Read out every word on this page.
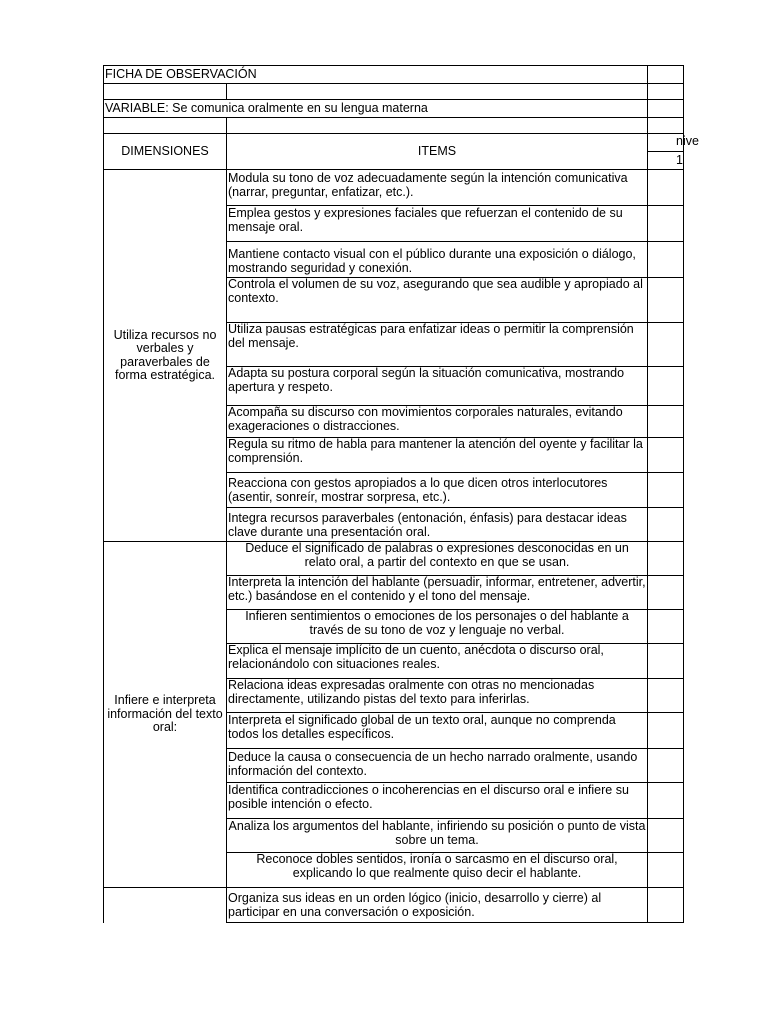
FICHA DE OBSERVACIÓN
VARIABLE: Se comunica oralmente en su lengua materna
DIMENSIONES	ITEMS
nive
1
Utiliza recursos no verbales y paraverbales de forma estratégica.
Modula su tono de voz adecuadamente según la intención comunicativa (narrar, preguntar, enfatizar, etc.).
Emplea gestos y expresiones faciales que refuerzan el contenido de su mensaje oral.
Mantiene contacto visual con el público durante una exposición o diálogo, mostrando seguridad y conexión.
Controla el volumen de su voz, asegurando que sea audible y apropiado al contexto.
Utiliza pausas estratégicas para enfatizar ideas o permitir la comprensión del mensaje.
Adapta su postura corporal según la situación comunicativa, mostrando apertura y respeto.
Acompaña su discurso con movimientos corporales naturales, evitando exageraciones o distracciones.
Regula su ritmo de habla para mantener la atención del oyente y facilitar la comprensión.
Reacciona con gestos apropiados a lo que dicen otros interlocutores (asentir, sonreír, mostrar sorpresa, etc.).
Integra recursos paraverbales (entonación, énfasis) para destacar ideas clave durante una presentación oral.
Infiere e interpreta información del texto oral:
Deduce el significado de palabras o expresiones desconocidas en un relato oral, a partir del contexto en que se usan.
Interpreta la intención del hablante (persuadir, informar, entretener, advertir, etc.) basándose en el contenido y el tono del mensaje.
Infieren sentimientos o emociones de los personajes o del hablante a través de su tono de voz y lenguaje no verbal.
Explica el mensaje implícito de un cuento, anécdota o discurso oral, relacionándolo con situaciones reales.
Relaciona ideas expresadas oralmente con otras no mencionadas directamente, utilizando pistas del texto para inferirlas.
Interpreta el significado global de un texto oral, aunque no comprenda todos los detalles específicos.
Deduce la causa o consecuencia de un hecho narrado oralmente, usando información del contexto.
Identifica contradicciones o incoherencias en el discurso oral e infiere su posible intención o efecto.
Analiza los argumentos del hablante, infiriendo su posición o punto de vista sobre un tema.
Reconoce dobles sentidos, ironía o sarcasmo en el discurso oral, explicando lo que realmente quiso decir el hablante.
Organiza sus ideas en un orden lógico (inicio, desarrollo y cierre) al participar en una conversación o exposición.
